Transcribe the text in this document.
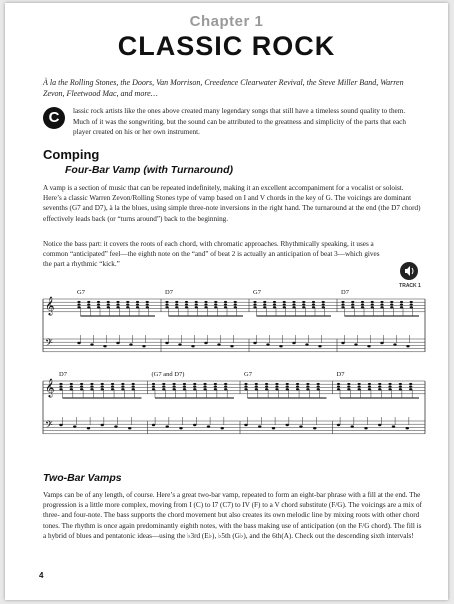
Chapter 1
CLASSIC ROCK
À la the Rolling Stones, the Doors, Van Morrison, Creedence Clearwater Revival, the Steve Miller Band, Warren Zevon, Fleetwood Mac, and more…
C	lassic rock artists like the ones above created many legendary songs that still have a timeless sound quality to them. Much of it was the songwriting, but the sound can be attributed to the greatness and simplicity of the parts that each player created on his or her own instrument.
Comping
Four-Bar Vamp (with Turnaround)
A vamp is a section of music that can be repeated indefinitely, making it an excellent accompaniment for a vocalist or soloist. Here’s a classic Warren Zevon/Rolling Stones type of vamp based on I and V chords in the key of G. The voicings are dominant sevenths (G7 and D7), à la the blues, using simple three-note inversions in the right hand. The turnaround at the end (the D7 chord) effectively leads back (or “turns around”) back to the beginning.
Notice the bass part: it covers the roots of each chord, with chromatic approaches. Rhythmically speaking, it uses a common “anticipated” feel—the eighth note on the “and” of beat 2 is actually an anticipation of beat 3—which gives the part a rhythmic “kick.”
TRACK 1
𝄞
𝄢
𝄞
𝄢
G7	D7	G7	D7
D7	(G7 and D7)	G7	D7
Two-Bar Vamps
Vamps can be of any length, of course. Here’s a great two-bar vamp, repeated to form an eight-bar phrase with a fill at the end. The progression is a little more complex, moving from I (C) to I7 (C7) to IV (F) to a V chord substitute (F/G). The voicings are a mix of three- and four-note. The bass supports the chord movement but also creates its own melodic line by mixing roots with other chord tones. The rhythm is once again predominantly eighth notes, with the bass making use of anticipation (on the F/G chord). The fill is a hybrid of blues and pentatonic ideas—using the ♭3rd (E♭), ♭5th (G♭), and the 6th(A). Check out the descending sixth intervals!
4
